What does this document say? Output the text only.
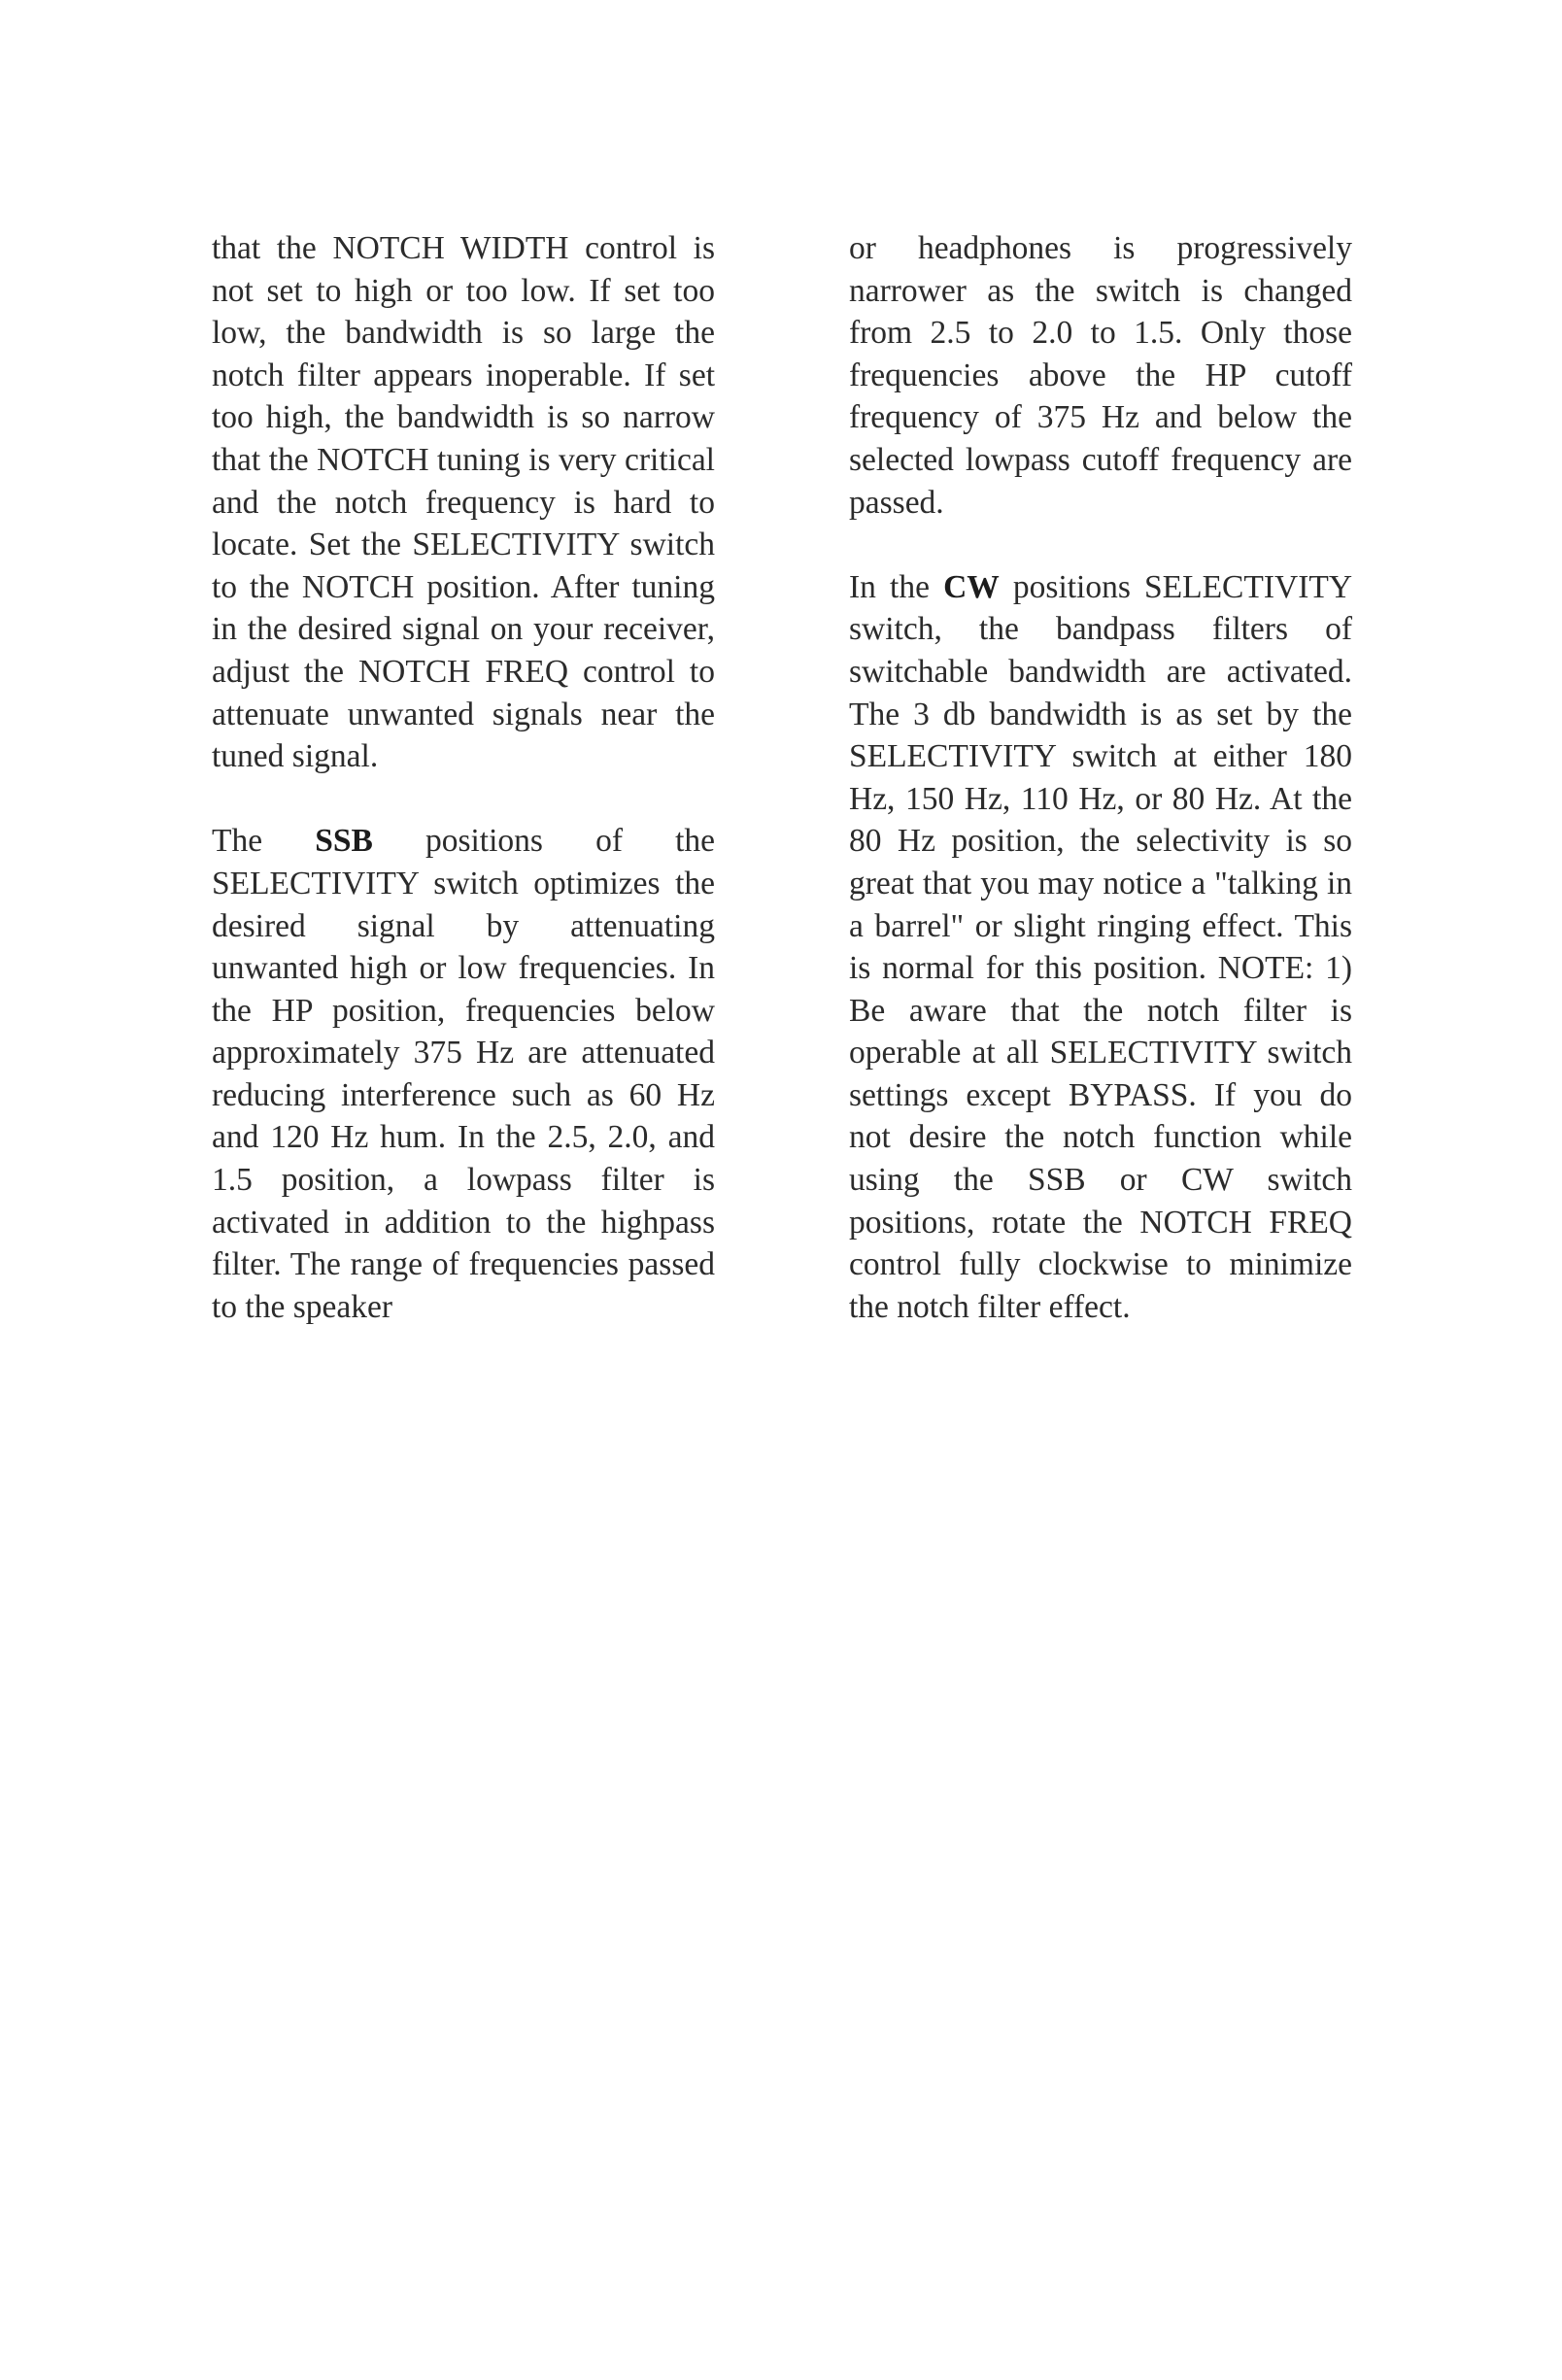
that the NOTCH WIDTH control is not set to high or too low. If set too low, the bandwidth is so large the notch filter appears inoperable. If set too high, the bandwidth is so narrow that the NOTCH tuning is very critical and the notch frequency is hard to locate. Set the SELECTIVITY switch to the NOTCH position. After tuning in the desired signal on your receiver, adjust the NOTCH FREQ control to attenuate unwanted signals near the tuned signal.

The SSB positions of the SELECTIVITY switch optimizes the desired signal by attenuating unwanted high or low frequencies. In the HP position, frequencies below approximately 375 Hz are attenuated reducing interference such as 60 Hz and 120 Hz hum. In the 2.5, 2.0, and 1.5 position, a lowpass filter is activated in addition to the highpass filter. The range of frequencies passed to the speaker

or headphones is progressively narrower as the switch is changed from 2.5 to 2.0 to 1.5. Only those frequencies above the HP cutoff frequency of 375 Hz and below the selected lowpass cutoff frequency are passed.

In the CW positions SELECTIVITY switch, the bandpass filters of switchable bandwidth are activated. The 3 db bandwidth is as set by the SELECTIVITY switch at either 180 Hz, 150 Hz, 110 Hz, or 80 Hz. At the 80 Hz position, the selectivity is so great that you may notice a "talking in a barrel" or slight ringing effect. This is normal for this position. NOTE: 1) Be aware that the notch filter is operable at all SELECTIVITY switch settings except BYPASS. If you do not desire the notch function while using the SSB or CW switch positions, rotate the NOTCH FREQ control fully clockwise to minimize the notch filter effect.
